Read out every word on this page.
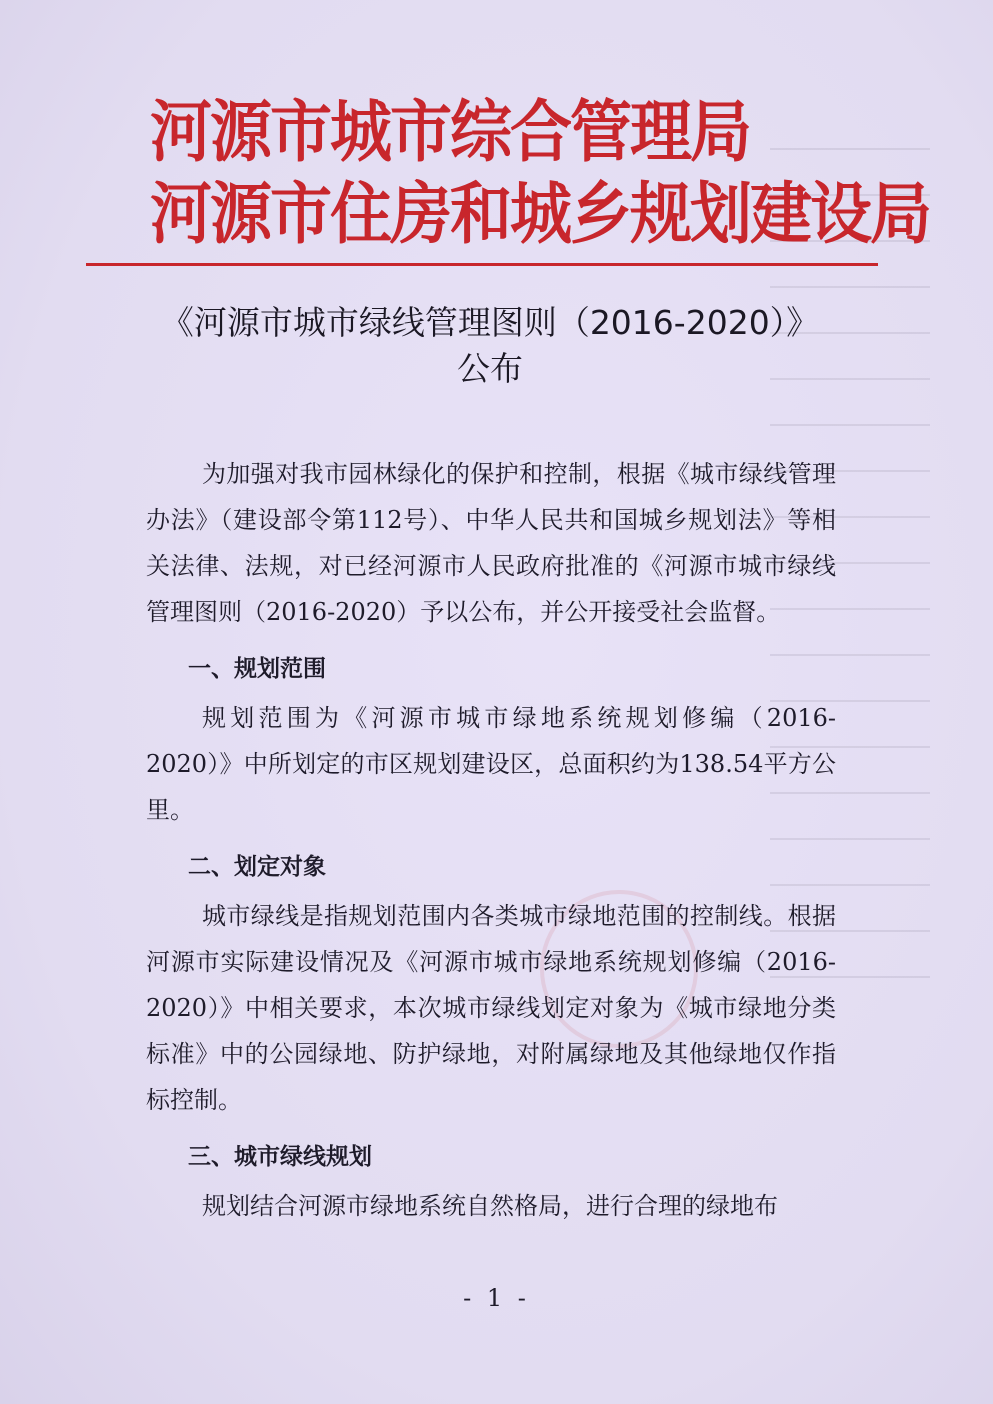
河源市城市综合管理局
河源市住房和城乡规划建设局
《河源市城市绿线管理图则（2016-2020）》
公布

为加强对我市园林绿化的保护和控制，根据《城市绿线管理办法》（建设部令第112号）、中华人民共和国城乡规划法》等相关法律、法规，对已经河源市人民政府批准的《河源市城市绿线管理图则（2016-2020）予以公布，并公开接受社会监督。

一、规划范围

规划范围为《河源市城市绿地系统规划修编（2016-2020）》中所划定的市区规划建设区，总面积约为138.54平方公里。

二、划定对象

城市绿线是指规划范围内各类城市绿地范围的控制线。根据河源市实际建设情况及《河源市城市绿地系统规划修编（2016-2020）》中相关要求，本次城市绿线划定对象为《城市绿地分类标准》中的公园绿地、防护绿地，对附属绿地及其他绿地仅作指标控制。

三、城市绿线规划

规划结合河源市绿地系统自然格局，进行合理的绿地布

- 1 -
